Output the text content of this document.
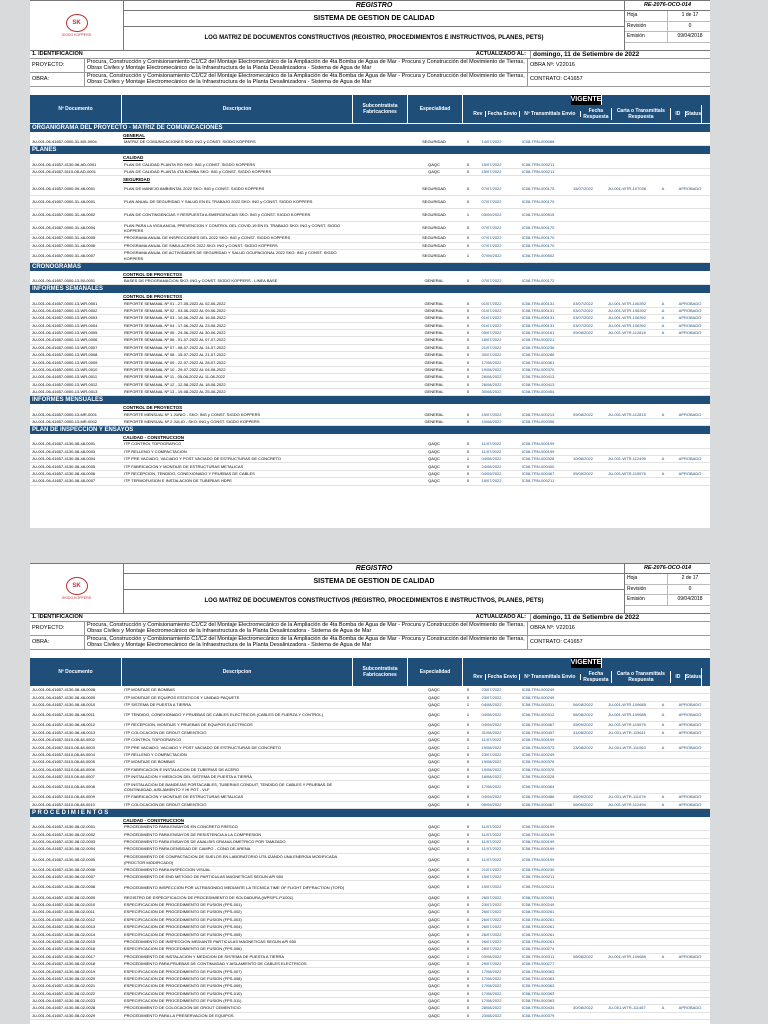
SK
SIGDO KOPPERS
REGISTRO
SISTEMA DE GESTION DE CALIDAD
LOG MATRIZ DE DOCUMENTOS CONSTRUCTIVOS (REGISTRO, PROCEDIMIENTOS E INSTRUCTIVOS, PLANES, PETS)
RE-2076-OCO-014
Hoja	1 de 17
Revisión	0
Emisión	09/04/2018
1. IDENTIFICACION	ACTUALIZADO AL:	domingo, 11 de Setiembre de 2022
PROYECTO:	Procura, Construcción y Comisionamiento C1/C2 del Montaje Electromecánico de la Ampliación de 4ta Bomba de Agua de Mar - Procura y Construcción del Movimiento de Tierras, Obras Civiles y Montaje Electromecánico de la Infraestructura de la Planta Desalinizadora - Sistema de Agua de Mar	OBRA Nº: V22016
OBRA:	Procura, Construcción y Comisionamiento C1/C2 del Montaje Electromecánico de la Ampliación de 4ta Bomba de Agua de Mar - Procura y Construcción del Movimiento de Tierras, Obras Civiles y Montaje Electromecánico de la Infraestructura de la Planta Desalinizadora - Sistema de Agua de Mar	CONTRATO: C41657
Nº Documento	Descripcion	Subcontratista Fabricaciones	Especialidad
VIGENTE
Rev	Fecha Envio	Nº Transmittals Envio	Fecha Respuesta
Carta o Transmittals Respuesta	ID	Status
ORGANIGRAMA DEL PROYECTO - MATRIZ DE COMUNICACIONES
GENERAL
JU-001-06-41657-0000-31-MX-0004	MATRIZ DE COMUNICACIONES SKO: ING y CONST. SIGDO KOPPERS	SEGURIDAD	0	14/07/2022	IC58-TRN-000088
PLANES
CALIDAD
JU-001-06-41657-4130-08-AD-0001	PLAN DE CALIDAD PLANTA RO SKO: ING y CONST. SIGDO KOPPERS	QAQC	0	15/07/2022	IC58-TRN-000211
JU-001-06-41657-5110-08-AD-0001	PLAN DE CALIDAD PLANTA 4TA BOMBA SKO: ING y CONST. SIGDO KOPPERS	QAQC	0	15/07/2022	IC58-TRN-000211
SEGURIDAD
JU-001-06-41657-0000-09-48-0001	PLAN DE MANEJO AMBIENTAL 2022 SKO: ING y CONST. SIGDO KOPPERS	SEGURIDAD	0	07/07/2022	IC58-TRN-000175	15/07/2022	JU-001-WTR-107038	A	APROBADO
JU-001-06-41657-0000-31-48-0001	PLAN ANUAL DE SEGURIDAD Y SALUD EN EL TRABAJO 2022 SKO: ING y CONST. SIGDO KOPPERS	SEGURIDAD	0	07/07/2022	IC58-TRN-000170
JU-001-06-41657-0000-31-48-0002	PLAN DE CONTINGENCIAS Y RESPUESTA A EMERGENCIAS SKO: ING y CONST. SIGDO KOPPERS	SEGURIDAD	1	03/09/2022	IC58-TRN-000515
JU-001-06-41657-0000-31-48-0004	PLAN PARA LA VIGILANCIA, PREVENCION Y CONTROL DEL COVID-19 EN EL TRABAJO SKO: ING y CONST. SIGDO KOPPERS
SEGURIDAD	0	07/07/2022	IC58-TRN-000170
JU-001-06-41657-0000-31-48-0005	PROGRAMA ANUAL DE INSPECCIONES DEL 2022 SKO: ING y CONST. SIGDO KOPPERS	SEGURIDAD	0	07/07/2022	IC58-TRN-000170
JU-001-06-41657-0000-31-48-0006	PROGRAMA ANUAL DE SIMULACROS 2022 SKO: ING y CONST. SIGDO KOPPERS	SEGURIDAD	0	07/07/2022	IC58-TRN-000170
JU-001-06-41657-0000-31-48-0007	PROGRAMA ANUAL DE ACTIVIDADES DE SEGURIDAD Y SALUD OCUPACIONAL 2022 SKO: ING y CONST. SIGDO KOPPERS
SEGURIDAD	1	07/09/2022	IC58-TRN-000502
CRONOGRAMAS
CONTROL DE PROYECTOS
JU-001-06-41657-0000-13-50-0001	BASES DE PROGRAMACION SKO: ING y CONST. SIGDO KOPPERS - LINEA BASE	GENERAL	0	07/07/2022	IC58-TRN-000172
INFORMES SEMANALES
CONTROL DE PROYECTOS
JU-001-06-41657-0000-13-WR-0001	REPORTE SEMANAL Nº 01 - 27-05-2022 AL 02-06-2022	GENERAL	0	01/07/2022	IC58-TRN-000131	03/07/2022	JU-001-WTR-106392	A	APROBADO
JU-001-06-41657-0000-13-WR-0002	REPORTE SEMANAL Nº 02 - 03-06-2022 AL 09-06-2022	GENERAL	0	01/07/2022	IC58-TRN-000131	03/07/2022	JU-001-WTR-106392	A	APROBADO
JU-001-06-41657-0000-13-WR-0003	REPORTE SEMANAL Nº 03 - 10-06-2022 AL 16-06-2022	GENERAL	0	01/07/2022	IC58-TRN-000131	03/07/2022	JU-001-WTR-106392	A	APROBADO
JU-001-06-41657-0000-13-WR-0004	REPORTE SEMANAL Nº 04 - 17-06-2022 AL 23-06-2022	GENERAL	0	01/07/2022	IC58-TRN-000131	03/07/2022	JU-001-WTR-106392	A	APROBADO
JU-001-06-41657-0000-13-WR-0005	REPORTE SEMANAL Nº 05 - 24-06-2022 AL 30-06-2022	GENERAL	0	05/07/2022	IC58-TRN-000161	09/08/2022	JU-001-WTR-112816	A	APROBADO
JU-001-06-41657-0000-13-WR-0006	REPORTE SEMANAL Nº 06 - 01-07-2022 AL 07-07-2022	GENERAL	0	18/07/2022	IC58-TRN-000221
JU-001-06-41657-0000-13-WR-0007	REPORTE SEMANAL Nº 07 - 08-07-2022 AL 14-07-2022	GENERAL	0	21/07/2022	IC58-TRN-000236
JU-001-06-41657-0000-13-WR-0008	REPORTE SEMANAL Nº 08 - 15-07-2022 AL 21-07-2022	GENERAL	0	30/07/2022	IC58-TRN-000286
JU-001-06-41657-0000-13-WR-0009	REPORTE SEMANAL Nº 09 - 22-07-2022 AL 28-07-2022	GENERAL	0	17/08/2022	IC58-TRN-000361
JU-001-06-41657-0000-13-WR-0010	REPORTE SEMANAL Nº 10 - 29-07-2022 AL 04-08-2022	GENERAL	0	19/08/2022	IC58-TRN-000370
JU-001-06-41657-0000-13-WR-0011	REPORTE SEMANAL Nº 11 - 05-08-2022 AL 11-08-2022	GENERAL	0	26/08/2022	IC58-TRN-000413
JU-001-06-41657-0000-13-WR-0012	REPORTE SEMANAL Nº 12 - 12-08-2022 AL 18-08-2022	GENERAL	0	26/08/2022	IC58-TRN-000413
JU-001-06-41657-0000-13-WR-0013	REPORTE SEMANAL Nº 13 - 19-08-2022 AL 25-08-2022	GENERAL	0	30/08/2022	IC58-TRN-000454
INFORMES MENSUALES
CONTROL DE PROYECTOS
JU-001-06-41657-0000-13-MR-0001	REPORTE MENSUAL Nº 1 JUNIO - SKO: ING y CONST. SIGDO KOPPERS	GENERAL	0	15/07/2022	IC58-TRN-000213	09/08/2022	JU-001-WTR-112815	A	APROBADO
JU-001-06-41657-0000-13-MR-0002	REPORTE MENSUAL Nº 2 JULIO - SKO: ING y CONST. SIGDO KOPPERS	GENERAL	0	10/08/2022	IC58-TRN-000356
PLAN DE INSPECCION Y ENSAYOS
CALIDAD - CONSTRUCCION
JU-001-06-41657-4130-08-48-0001	ITP CONTROL TOPOGRAFICO	QAQC	0	11/07/2022	IC58-TRN-000199
JU-001-06-41657-4130-08-48-0003	ITP RELLENO Y COMPACTACION	QAQC	0	11/07/2022	IC58-TRN-000199
JU-001-06-41657-4130-08-48-0004	ITP PRE VACIADO, VACIADO Y POST VACIADO DE ESTRUCTURAS DE CONCRETO	QAQC	1	04/08/2022	IC58-TRN-000328	10/08/2022	JU-001-WTR-112495	A	APROBADO
JU-001-06-41657-4130-08-48-0005	ITP FABRICACION Y MONTAJE DE ESTRUCTURAS METALICAS	QAQC	0	24/08/2022	IC58-TRN-000400
JU-001-06-41657-4130-08-48-0006	ITP RECEPCION, TENDIDO, CONEXIONADO Y PRUEBAS DE CABLES	QAQC	0	04/09/2022	IC58-TRN-000467	05/09/2022	JU-001-WTR-115976	A	APROBADO
JU-001-06-41657-4130-08-48-0007	ITP TERMOFUSION E INSTALACION DE TUBERIAS HDPE	QAQC	0	15/07/2022	IC58-TRN-000211
SK
SIGDO KOPPERS
REGISTRO
SISTEMA DE GESTION DE CALIDAD
LOG MATRIZ DE DOCUMENTOS CONSTRUCTIVOS (REGISTRO, PROCEDIMIENTOS E INSTRUCTIVOS, PLANES, PETS)
RE-2076-OCO-014
Hoja	2 de 17
Revisión	0
Emisión	09/04/2018
1. IDENTIFICACION	ACTUALIZADO AL:	domingo, 11 de Setiembre de 2022
PROYECTO:	Procura, Construcción y Comisionamiento C1/C2 del Montaje Electromecánico de la Ampliación de 4ta Bomba de Agua de Mar - Procura y Construcción del Movimiento de Tierras, Obras Civiles y Montaje Electromecánico de la Infraestructura de la Planta Desalinizadora - Sistema de Agua de Mar	OBRA Nº: V22016
OBRA:	Procura, Construcción y Comisionamiento C1/C2 del Montaje Electromecánico de la Ampliación de 4ta Bomba de Agua de Mar - Procura y Construcción del Movimiento de Tierras, Obras Civiles y Montaje Electromecánico de la Infraestructura de la Planta Desalinizadora - Sistema de Agua de Mar	CONTRATO: C41657
Nº Documento	Descripcion	Subcontratista Fabricaciones	Especialidad
VIGENTE
Rev	Fecha Envio	Nº Transmittals Envio	Fecha Respuesta
Carta o Transmittals Respuesta	ID	Status
JU-001-06-41657-4130-08-48-0008	ITP MONTAJE DE BOMBAS	QAQC	0	23/07/2022	IC58-TRN-000249
JU-001-06-41657-4130-08-48-0009	ITP MONTAJE DE EQUIPOS ESTATICOS Y UNIDAD PAQUETE	QAQC	0	23/07/2022	IC58-TRN-000249
JU-001-06-41657-4130-08-48-0010	ITP SISTEMA DE PUESTA A TIERRA	QAQC	1	04/08/2022	IC58-TRN-000311	06/08/2022	JU-001-WTR-109685	A	APROBADO
JU-001-06-41657-4130-08-48-0011	ITP TENDIDO, CONEXIONADO Y PRUEBAS DE CABLES ELECTRICOS (CABLES DE FUERZA Y CONTROL)	QAQC	1	04/08/2022	IC58-TRN-000312	06/08/2022	JU-001-WTR-109685	A	APROBADO
JU-001-06-41657-4130-08-48-0012	ITP RECEPCION, MONTAJE Y PRUEBAS DE EQUIPOS ELECTRICOS	QAQC	0	04/09/2022	IC58-TRN-000467	05/09/2022	JU-001-WTR-115976	A	APROBADO
JU-001-06-41657-4130-08-48-0013	ITP COLOCACION DE GROUT CEMENTICIO	QAQC	0	31/08/2022	IC58-TRN-000457	31/08/2022	JU-001-WTR-115611	A	APROBADO
JU-001-06-41657-5110-08-48-0002	ITP CONTROL TOPOGRAFICO	QAQC	0	11/07/2022	IC58-TRN-000199
JU-001-06-41657-5110-08-48-0003	ITP PRE VACIADO, VACIADO Y POST VACIADO DE ESTRUCTURAS DE CONCRETO	QAQC	1	19/08/2022	IC58-TRN-000373	23/08/2022	JU-001-WTR-111063	A	APROBADO
JU-001-06-41657-5110-08-48-0004	ITP RELLENO Y COMPACTACION	QAQC	0	23/07/2022	IC58-TRN-000249
JU-001-06-41657-5110-08-48-0005	ITP MONTAJE DE BOMBAS	QAQC	0	19/08/2022	IC58-TRN-000376
JU-001-06-41657-5110-08-48-0006	ITP FABRICACION E INSTALACION DE TUBERIAS DE ACERO	QAQC	0	19/08/2022	IC58-TRN-000376
JU-001-06-41657-5110-08-48-0007	ITP INSTALACION Y MEDICION DEL SISTEMA DE PUESTA A TIERRA	QAQC	0	18/08/2022	IC58-TRN-000328
JU-001-06-41657-5110-08-48-0008	ITP INSTALACION DE BANDEJAS PORTACABLES, TUBERIAS CONDUIT, TENDIDO DE CABLES Y PRUEBAS DE CONTINUIDAD, AISLAMIENTO Y HI POT - VLF
QAQC	0	17/08/2022	IC58-TRN-000364
JU-001-06-41657-5110-08-48-0009	ITP FABRICACION Y MONTAJE DE ESTRUCTURAS METALICAS	QAQC	0	04/09/2022	IC58-TRN-000486	05/09/2022	JU-001-WTR-111078	A	APROBADO
JU-001-06-41657-5110-08-48-0010	ITP COLOCACION DE GROUT CEMENTICIO	QAQC	0	06/09/2022	IC58-TRN-000467	06/09/2022	JU-001-WTR-112494	A	APROBADO
P R O C E D I M I E N T O S
CALIDAD - CONSTRUCCION
JU-001-06-41657-4130-08-02-0001	PROCEDIMIENTO PARA ENSAYOS EN CONCRETO FRESCO	QAQC	0	11/07/2022	IC58-TRN-000199
JU-001-06-41657-4130-08-02-0002	PROCEDIMIENTO PARA ENSAYOS DE RESISTENCIA A LA COMPRESION	QAQC	0	11/07/2022	IC58-TRN-000199
JU-001-06-41657-4130-08-02-0003	PROCEDIMIENTO PARA ENSAYOS DE ANALISIS GRANULOMETRICO POR TAMIZADO	QAQC	0	11/07/2022	IC58-TRN-000199
JU-001-06-41657-4130-08-02-0004	PROCEDIMIENTO PARA DENSIDAD DE CAMPO - CONO DE ARENA	QAQC	0	11/07/2022	IC58-TRN-000199
JU-001-06-41657-4130-08-02-0005	PROCEDIMIENTO DE COMPACTACION DE SUELOS EN LABORATORIO UTILIZANDO UNA ENERGIA MODIFICADA (PROCTOR MODIFICADO)
QAQC	0	11/07/2022	IC58-TRN-000199
JU-001-06-41657-4130-08-02-0006	PROCEDIMIENTO PARA INSPECCION VISUAL	QAQC	0	21/07/2022	IC58-TRN-000230
JU-001-06-41657-4130-08-02-0007	PROCEDIMIENTO DE END METODO DE PARTICULAS MAGNETICAS SEGUN API 650	QAQC	0	15/07/2022	IC58-TRN-000211
JU-001-06-41657-4130-08-02-0008	PROCEDIMIENTO INSPECCION POR ULTRASONIDO MEDIANTE LA TECNICA TIME OF FLIGHT DIFFRACTION (TOFD)	QAQC	0	15/07/2022	IC58-TRN-000211
JU-001-06-41657-4130-08-02-0009	REGISTRO DE ESPECIFICACION DE PROCEDIMIENTO DE SOLDADURA (WPS/P1-P1/001)	QAQC	0	26/07/2022	IC58-TRN-000261
JU-001-06-41657-4130-08-02-0010	ESPECIFICACION DE PROCEDIMIENTO DE FUSION (FPS-001)	QAQC	0	23/07/2022	IC58-TRN-000249
JU-001-06-41657-4130-08-02-0011	ESPECIFICACION DE PROCEDIMIENTO DE FUSION (FPS-002)	QAQC	0	26/07/2022	IC58-TRN-000261
JU-001-06-41657-4130-08-02-0012	ESPECIFICACION DE PROCEDIMIENTO DE FUSION (FPS-003)	QAQC	0	26/07/2022	IC58-TRN-000261
JU-001-06-41657-4130-08-02-0013	ESPECIFICACION DE PROCEDIMIENTO DE FUSION (FPS-004)	QAQC	0	26/07/2022	IC58-TRN-000261
JU-001-06-41657-4130-08-02-0014	ESPECIFICACION DE PROCEDIMIENTO DE FUSION (FPS-005)	QAQC	0	26/07/2022	IC58-TRN-000261
JU-001-06-41657-4130-08-02-0015	PROCEDIMIENTO DE INSPECCION MEDIANTE PARTICULAS MAGNETICAS SEGUN API 650	QAQC	0	26/07/2022	IC58-TRN-000261
JU-001-06-41657-4130-08-02-0016	ESPECIFICACION DE PROCEDIMIENTO DE FUSION (FPS-006)	QAQC	0	28/07/2022	IC58-TRN-000274
JU-001-06-41657-4130-08-02-0017	PROCEDIMIENTO DE INSTALACION Y MEDICION DE SISTEMA DE PUESTA A TIERRA	QAQC	1	03/08/2022	IC58-TRN-000311	06/08/2022	JU-001-WTR-109685	A	APROBADO
JU-001-06-41657-4130-08-02-0018	PROCEDIMIENTO PARA PRUEBAS DE CONTINUIDAD Y AISLAMIENTO DE CABLES ELECTRICOS	QAQC	0	29/07/2022	IC58-TRN-000277
JU-001-06-41657-4130-08-02-0019	ESPECIFICACION DE PROCEDIMIENTO DE FUSION (FPS-007)	QAQC	0	17/08/2022	IC58-TRN-000363
JU-001-06-41657-4130-08-02-0020	ESPECIFICACION DE PROCEDIMIENTO DE FUSION (FPS-008)	QAQC	0	17/08/2022	IC58-TRN-000363
JU-001-06-41657-4130-08-02-0021	ESPECIFICACION DE PROCEDIMIENTO DE FUSION (FPS-009)	QAQC	0	17/08/2022	IC58-TRN-000363
JU-001-06-41657-4130-08-02-0022	ESPECIFICACION DE PROCEDIMIENTO DE FUSION (FPS-010)	QAQC	0	17/08/2022	IC58-TRN-000363
JU-001-06-41657-4130-08-02-0023	ESPECIFICACION DE PROCEDIMIENTO DE FUSION (FPS-011)	QAQC	0	17/08/2022	IC58-TRN-000363
JU-001-06-41657-4130-08-02-0028	PROCEDIMIENTO DE COLOCACION DE GROUT CEMENTICIO	QAQC	0	28/08/2022	IC58-TRN-000434	30/08/2022	JU-001-WTR-111467	A	APROBADO
JU-001-06-41657-4130-08-02-0029	PROCEDIMIENTO PARA LA PRESERVACION DE EQUIPOS	QAQC	0	23/08/2022	IC58-TRN-000379
